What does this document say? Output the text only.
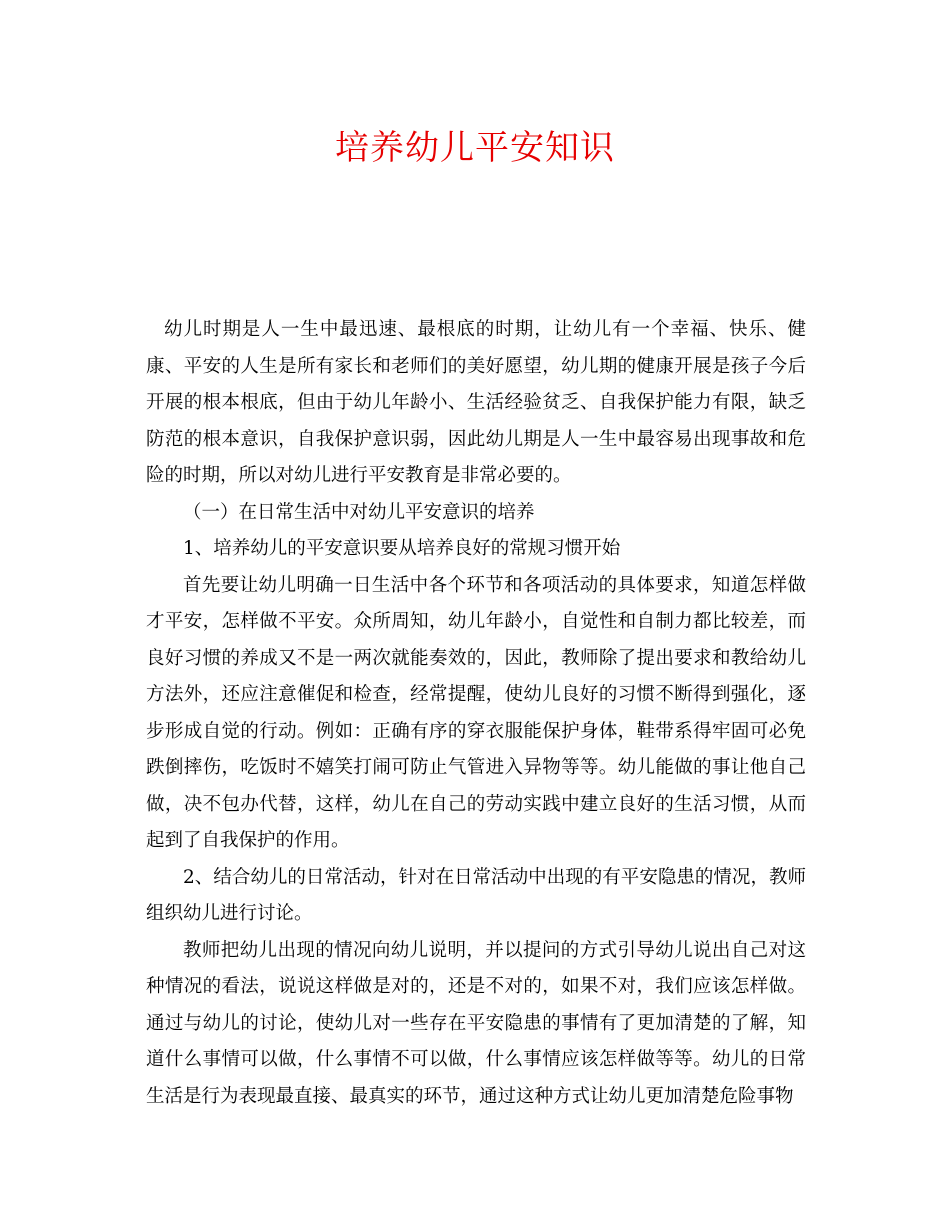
培养幼儿平安知识

幼儿时期是人一生中最迅速、最根底的时期，让幼儿有一个幸福、快乐、健康、平安的人生是所有家长和老师们的美好愿望，幼儿期的健康开展是孩子今后开展的根本根底，但由于幼儿年龄小、生活经验贫乏、自我保护能力有限，缺乏防范的根本意识，自我保护意识弱，因此幼儿期是人一生中最容易出现事故和危险的时期，所以对幼儿进行平安教育是非常必要的。

（一）在日常生活中对幼儿平安意识的培养

1、培养幼儿的平安意识要从培养良好的常规习惯开始

首先要让幼儿明确一日生活中各个环节和各项活动的具体要求，知道怎样做才平安，怎样做不平安。众所周知，幼儿年龄小，自觉性和自制力都比较差，而良好习惯的养成又不是一两次就能奏效的，因此，教师除了提出要求和教给幼儿方法外，还应注意催促和检查，经常提醒，使幼儿良好的习惯不断得到强化，逐步形成自觉的行动。例如：正确有序的穿衣服能保护身体，鞋带系得牢固可必免跌倒摔伤，吃饭时不嬉笑打闹可防止气管进入异物等等。幼儿能做的事让他自己做，决不包办代替，这样，幼儿在自己的劳动实践中建立良好的生活习惯，从而起到了自我保护的作用。

2、结合幼儿的日常活动，针对在日常活动中出现的有平安隐患的情况，教师组织幼儿进行讨论。

教师把幼儿出现的情况向幼儿说明，并以提问的方式引导幼儿说出自己对这种情况的看法，说说这样做是对的，还是不对的，如果不对，我们应该怎样做。通过与幼儿的讨论，使幼儿对一些存在平安隐患的事情有了更加清楚的了解，知道什么事情可以做，什么事情不可以做，什么事情应该怎样做等等。幼儿的日常生活是行为表现最直接、最真实的环节，通过这种方式让幼儿更加清楚危险事物
